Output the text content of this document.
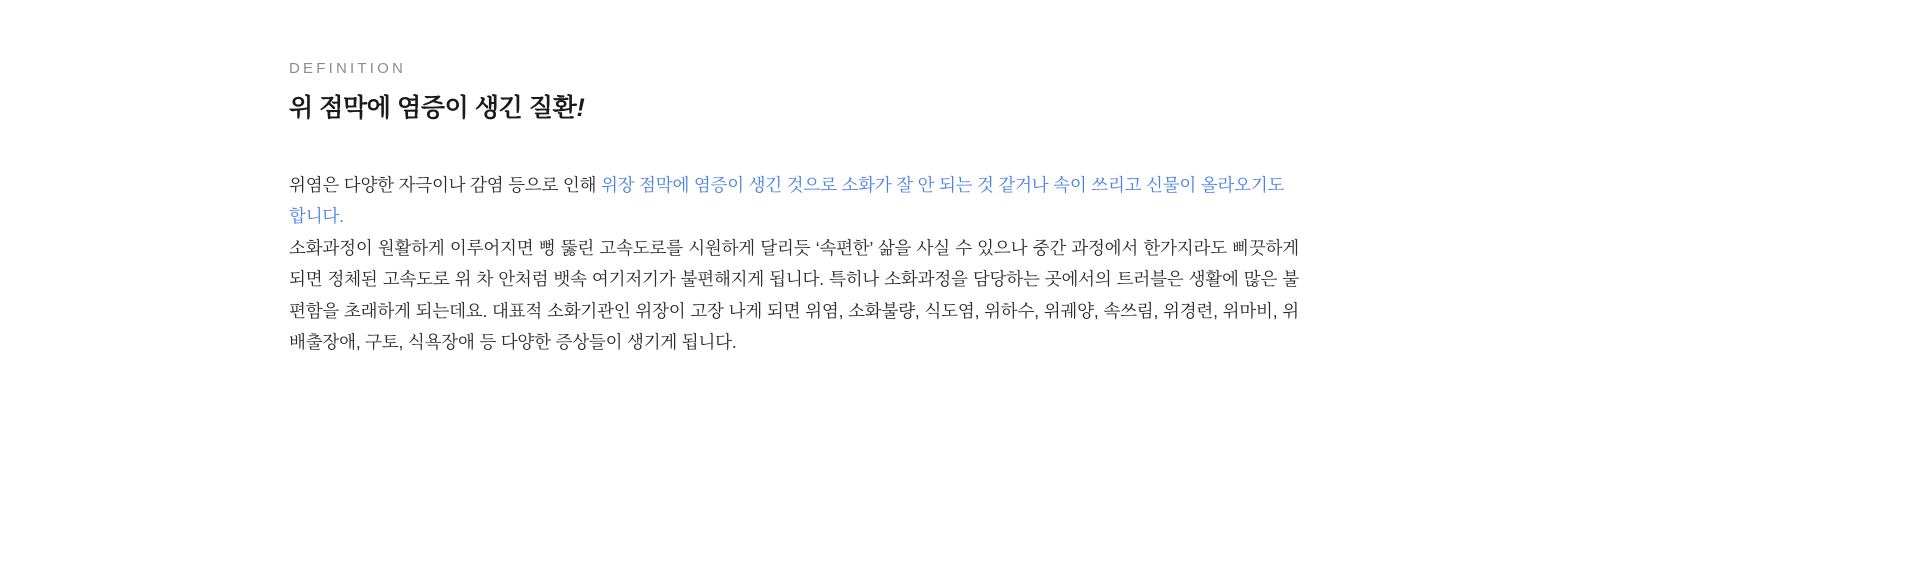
DEFINITION
위 점막에 염증이 생긴 질환!

위염은 다양한 자극이나 감염 등으로 인해 위장 점막에 염증이 생긴 것으로 소화가 잘 안 되는 것 같거나 속이 쓰리고 신물이 올라오기도 합니다.

소화과정이 원활하게 이루어지면 뻥 뚫린 고속도로를 시원하게 달리듯 ‘속편한’ 삶을 사실 수 있으나 중간 과정에서 한가지라도 삐끗하게 되면 정체된 고속도로 위 차 안처럼 뱃속 여기저기가 불편해지게 됩니다. 특히나 소화과정을 담당하는 곳에서의 트러블은 생활에 많은 불편함을 초래하게 되는데요. 대표적 소화기관인 위장이 고장 나게 되면 위염, 소화불량, 식도염, 위하수, 위궤양, 속쓰림, 위경련, 위마비, 위배출장애, 구토, 식욕장애 등 다양한 증상들이 생기게 됩니다.
